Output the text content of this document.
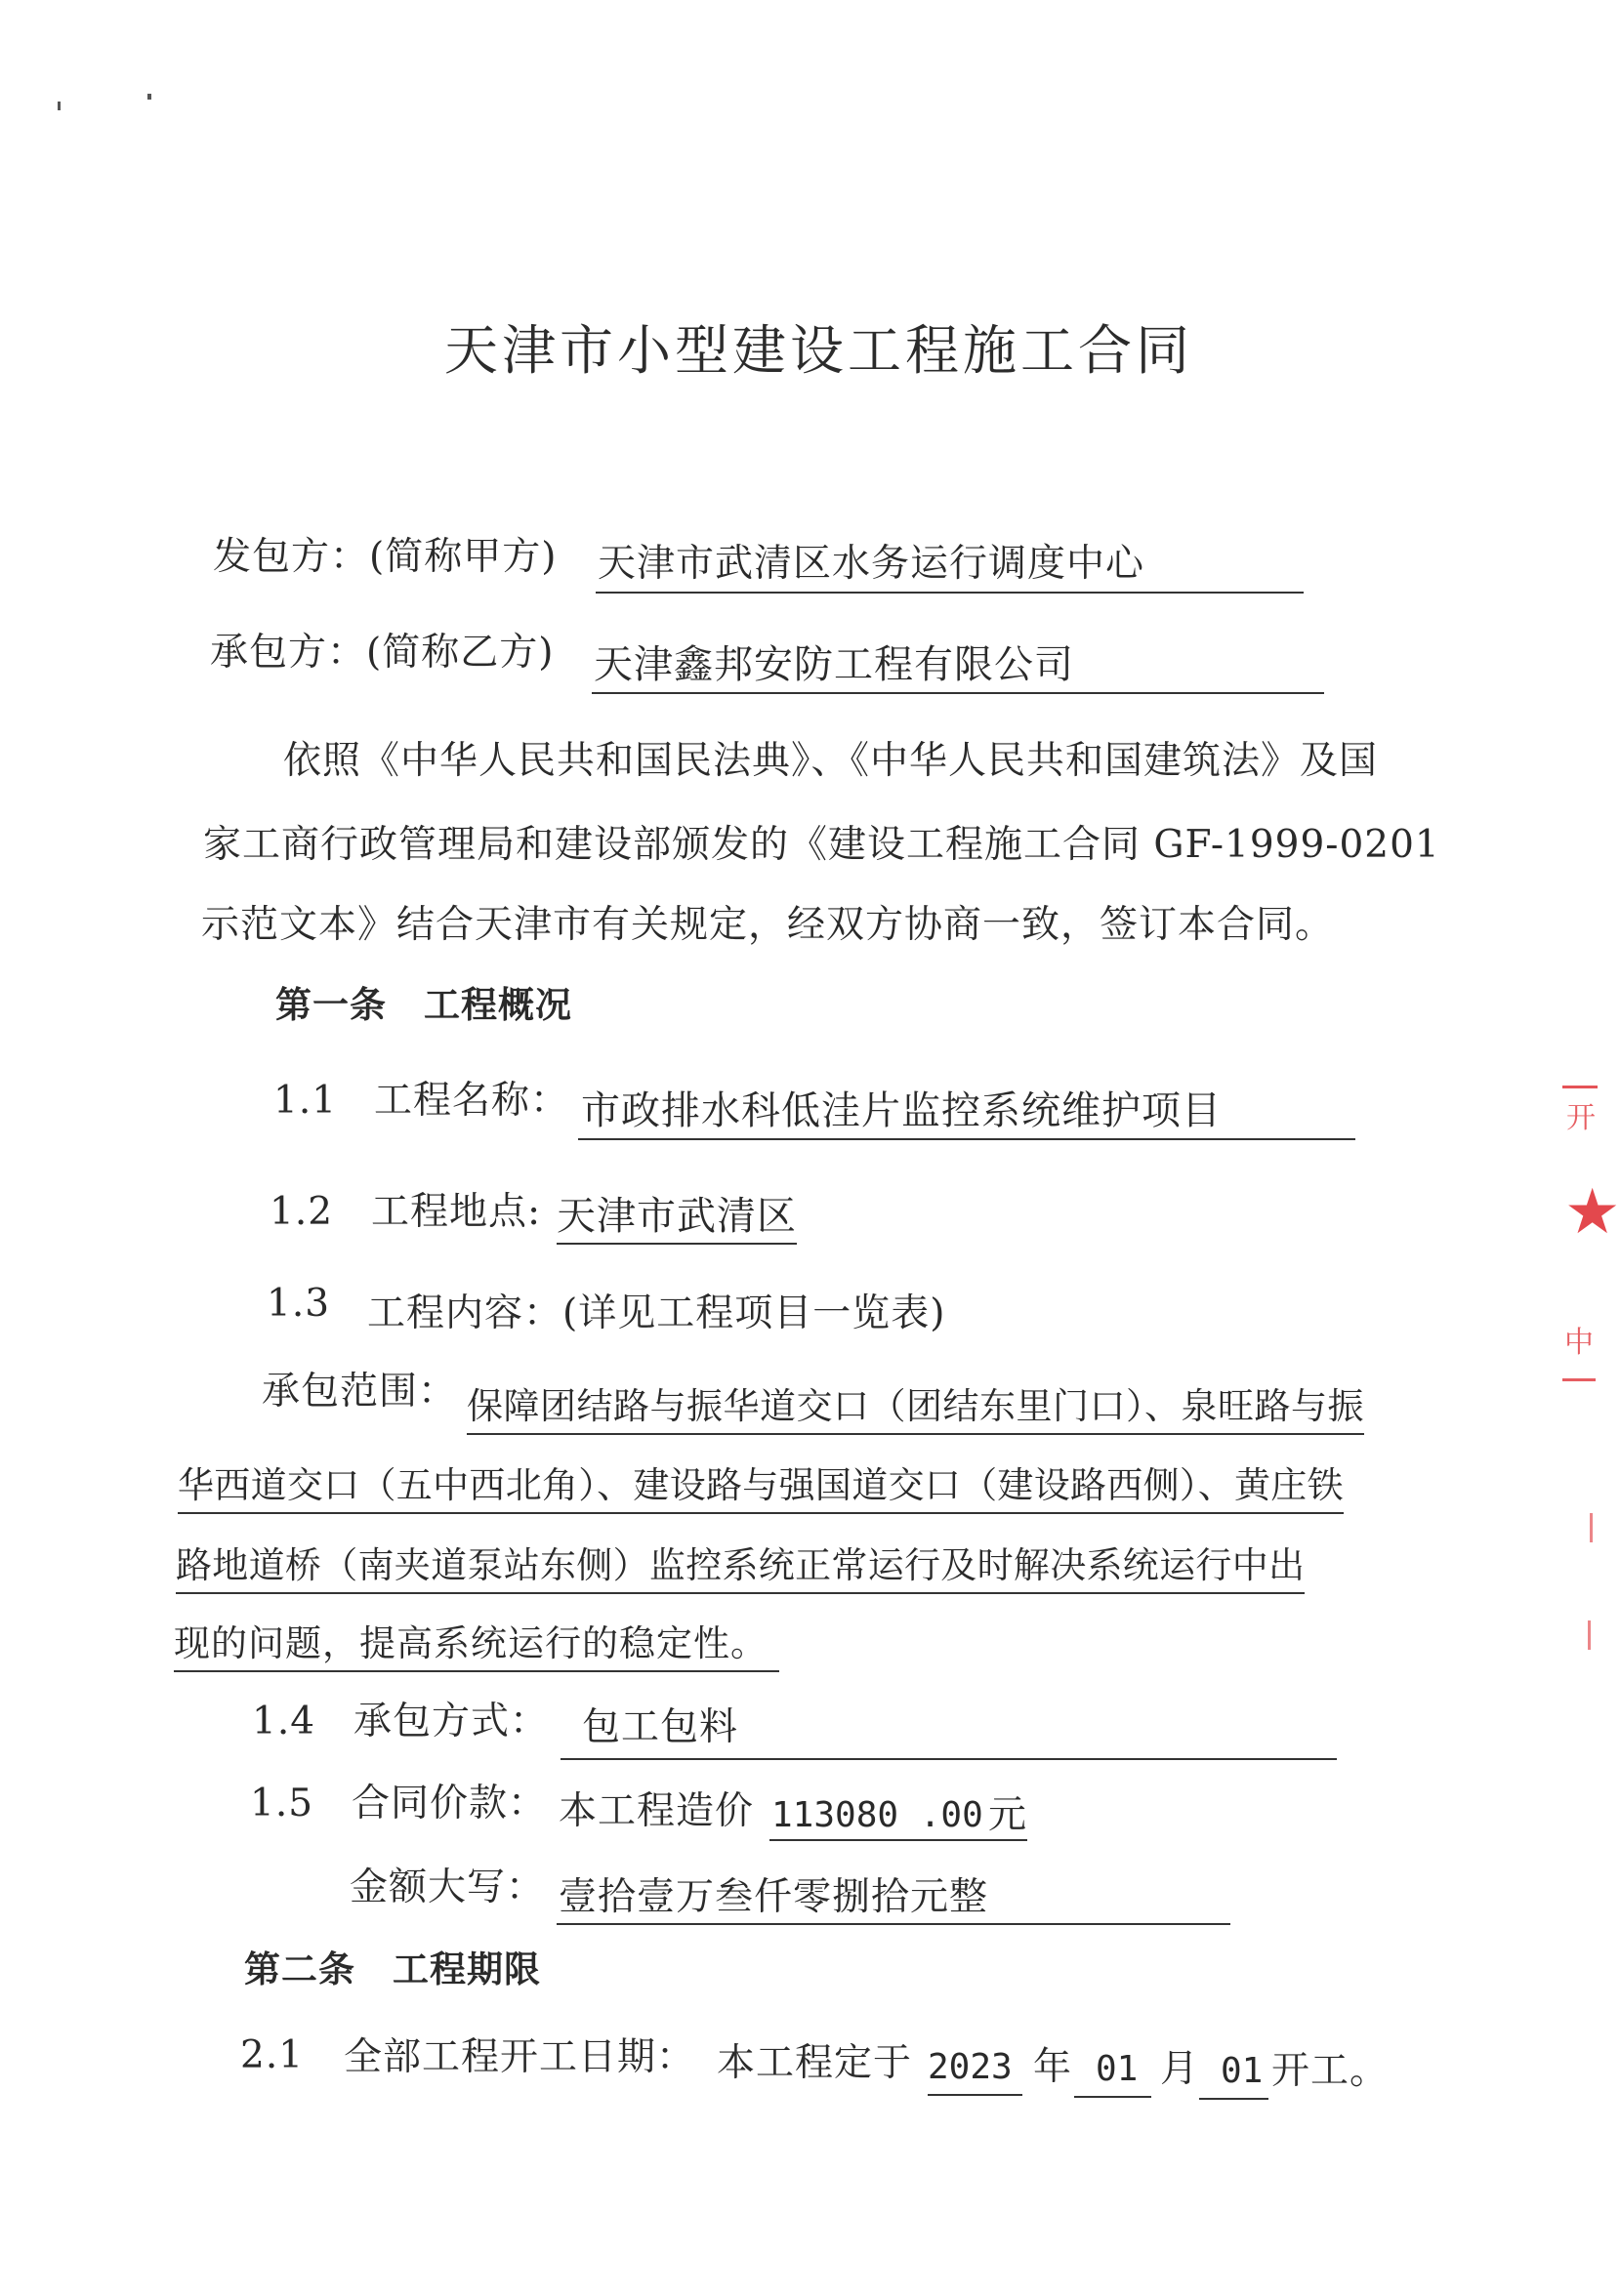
天津市小型建设工程施工合同
发包方：(简称甲方) 天津市武清区水务运行调度中心
承包方：(简称乙方) 天津鑫邦安防工程有限公司
依照《中华人民共和国民法典》、《中华人民共和国建筑法》及国
家工商行政管理局和建设部颁发的《建设工程施工合同 GF-1999-0201
示范文本》结合天津市有关规定，经双方协商一致，签订本合同。
第一条　工程概况
1.1 工程名称： 市政排水科低洼片监控系统维护项目
1.2 工程地点: 天津市武清区
1.3 工程内容：(详见工程项目一览表)
承包范围： 保障团结路与振华道交口（团结东里门口）、泉旺路与振
华西道交口（五中西北角）、建设路与强国道交口（建设路西侧）、黄庄铁
路地道桥（南夹道泵站东侧）监控系统正常运行及时解决系统运行中出
现的问题，提高系统运行的稳定性。
1.4 承包方式： 包工包料
1.5 合同价款： 本工程造价 113080 .00 元
金额大写： 壹拾壹万叁仟零捌拾元整
第二条　工程期限
2.1 全部工程开工日期： 本工程定于 2023 年 01 月 01 开工。
开
★
中
